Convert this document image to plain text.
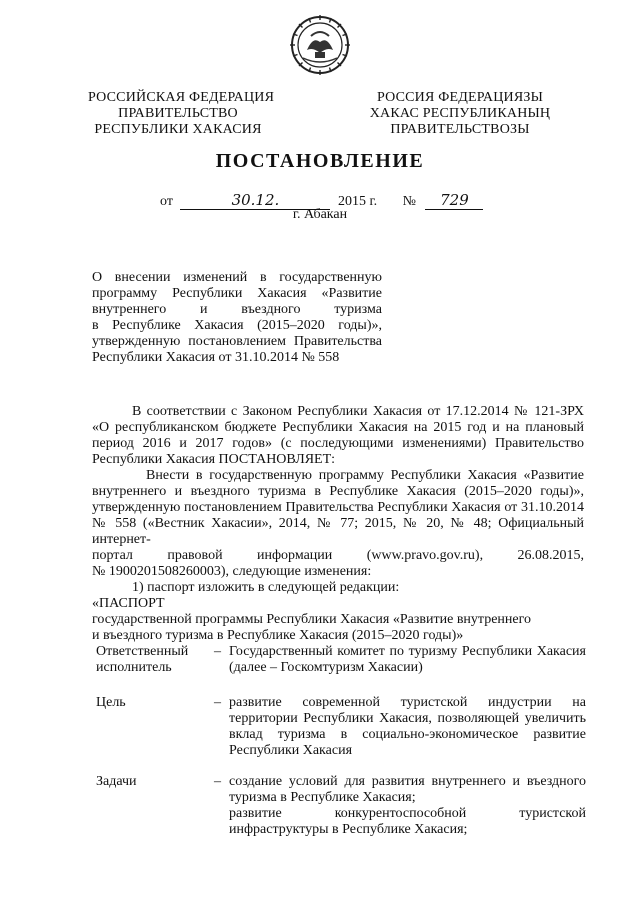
РОССИЙСКАЯ ФЕДЕРАЦИЯ
ПРАВИТЕЛЬСТВО
РЕСПУБЛИКИ ХАКАСИЯ
РОССИЯ ФЕДЕРАЦИЯЗЫ
ХАКАС РЕСПУБЛИКАНЫҢ
ПРАВИТЕЛЬСТВОЗЫ
ПОСТАНОВЛЕНИЕ
от	30.12.	2015 г. № 729
г. Абакан
О внесении изменений в государственную
программу Республики Хакасия «Развитие
внутреннего и въездного туризма
в Республике Хакасия (2015–2020 годы)»,
утвержденную постановлением Правительства
Республики Хакасия от 31.10.2014 № 558

В соответствии с Законом Республики Хакасия от 17.12.2014 № 121-ЗРХ

«О республиканском бюджете Республики Хакасия на 2015 год и на плановый

период 2016 и 2017 годов» (с последующими изменениями) Правительство

Республики Хакасия ПОСТАНОВЛЯЕТ:

Внести в государственную программу Республики Хакасия «Развитие

внутреннего и въездного туризма в Республике Хакасия (2015–2020 годы)»,

утвержденную постановлением Правительства Республики Хакасия от 31.10.2014

№ 558 («Вестник Хакасии», 2014, № 77; 2015, № 20, № 48; Официальный интернет-

портал правовой информации (www.pravo.gov.ru), 26.08.2015,

№ 1900201508260003), следующие изменения:

1) паспорт изложить в следующей редакции:

«ПАСПОРТ

государственной программы Республики Хакасия «Развитие внутреннего

и въездного туризма в Республике Хакасия (2015–2020 годы)»

Ответственный
исполнитель
– Государственный комитет по туризму Республики Хакасия
(далее – Госкомтуризм Хакасии)
Цель	– развитие современной туристской индустрии на
территории Республики Хакасия, позволяющей увеличить
вклад туризма в социально-экономическое развитие
Республики Хакасия
Задачи	– создание условий для развития внутреннего и въездного
туризма в Республике Хакасия;
развитие конкурентоспособной туристской
инфраструктуры в Республике Хакасия;
